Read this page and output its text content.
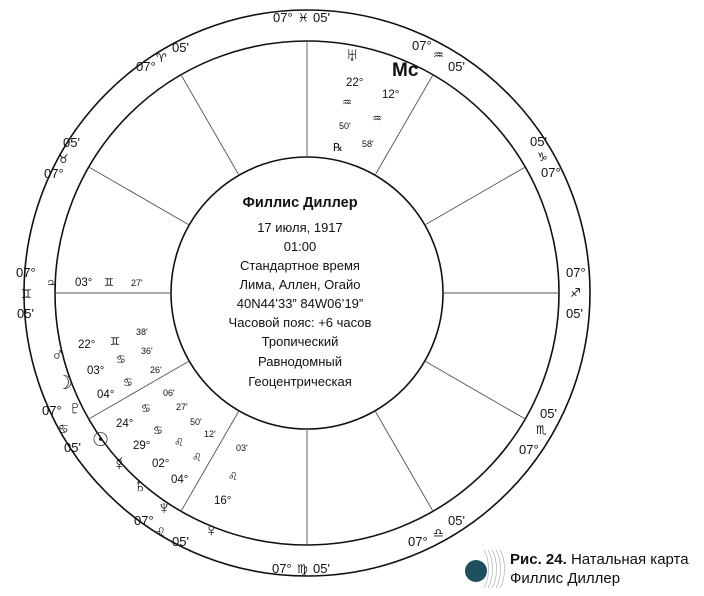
Филлис Диллер
17 июля, 1917
01:00
Стандартное время
Лима, Аллен, Огайо
40N44’33” 84W06’19”
Часовой пояс: +6 часов
Тропический
Равнодомный
Геоцентрическая
07° ♓ 05'
07°
♒
05'
05'
♑
07°
07°
♐
05'
05'
♏
07°
05'
♎
07°
07° ♍ 05'
07°
♌
05'
07°
♋
05'
07°
♊
05'
05'
♉
07°
07°
♈
05'	♅
22°
♒
50'
℞
Mc
12°
♒
58'
♃ 03° ♊ 27'
♂ 22° ♊
38'
☽
03°
♋
36'
♇
04°
♋
26'
☉
24°
♋
06'
☿
29°
♋
27'
♄
02°
♌
50'
♆
04°
♌
12'
♀
16°
♌
03'
Рис. 24. Натальная карта
Филлис Диллер
